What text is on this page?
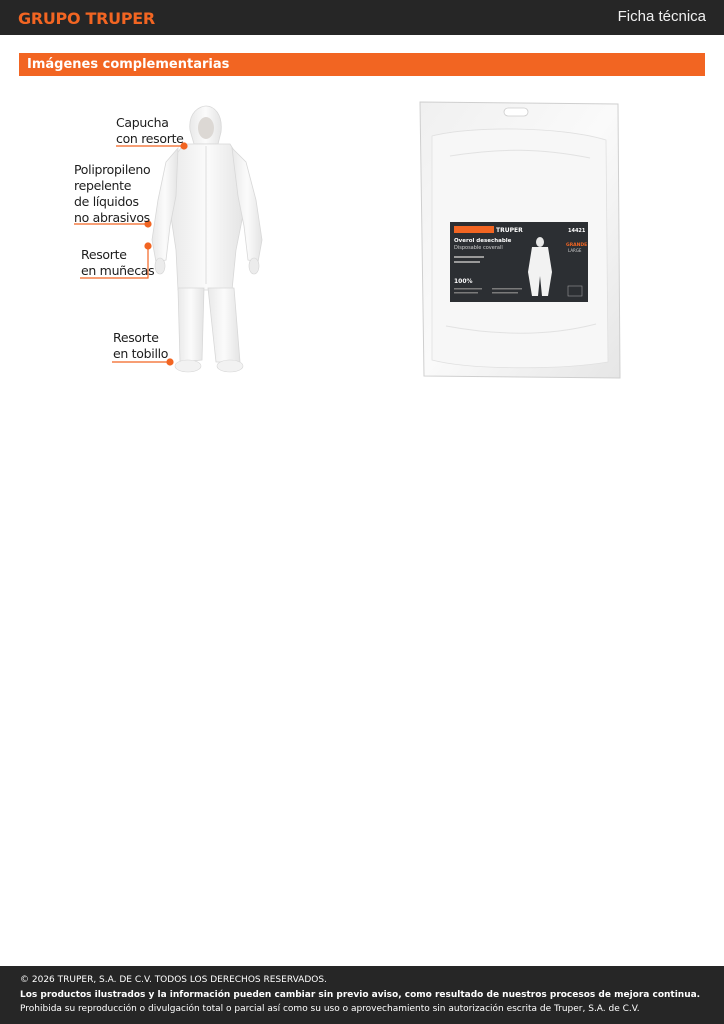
GRUPO TRUPER	Ficha técnica
Imágenes complementarias
Capucha
con resorte
Polipropileno
repelente
de líquidos
no abrasivos
Resorte
en muñecas
Resorte
en tobillo
TRUPER
Overol desechable
Disposable coverall
14421
GRANDE
LARGE
100%
© 2026 TRUPER, S.A. DE C.V. TODOS LOS DERECHOS RESERVADOS.
Los productos ilustrados y la información pueden cambiar sin previo aviso, como resultado de nuestros procesos de mejora continua.
Prohibida su reproducción o divulgación total o parcial así como su uso o aprovechamiento sin autorización escrita de Truper, S.A. de C.V.
